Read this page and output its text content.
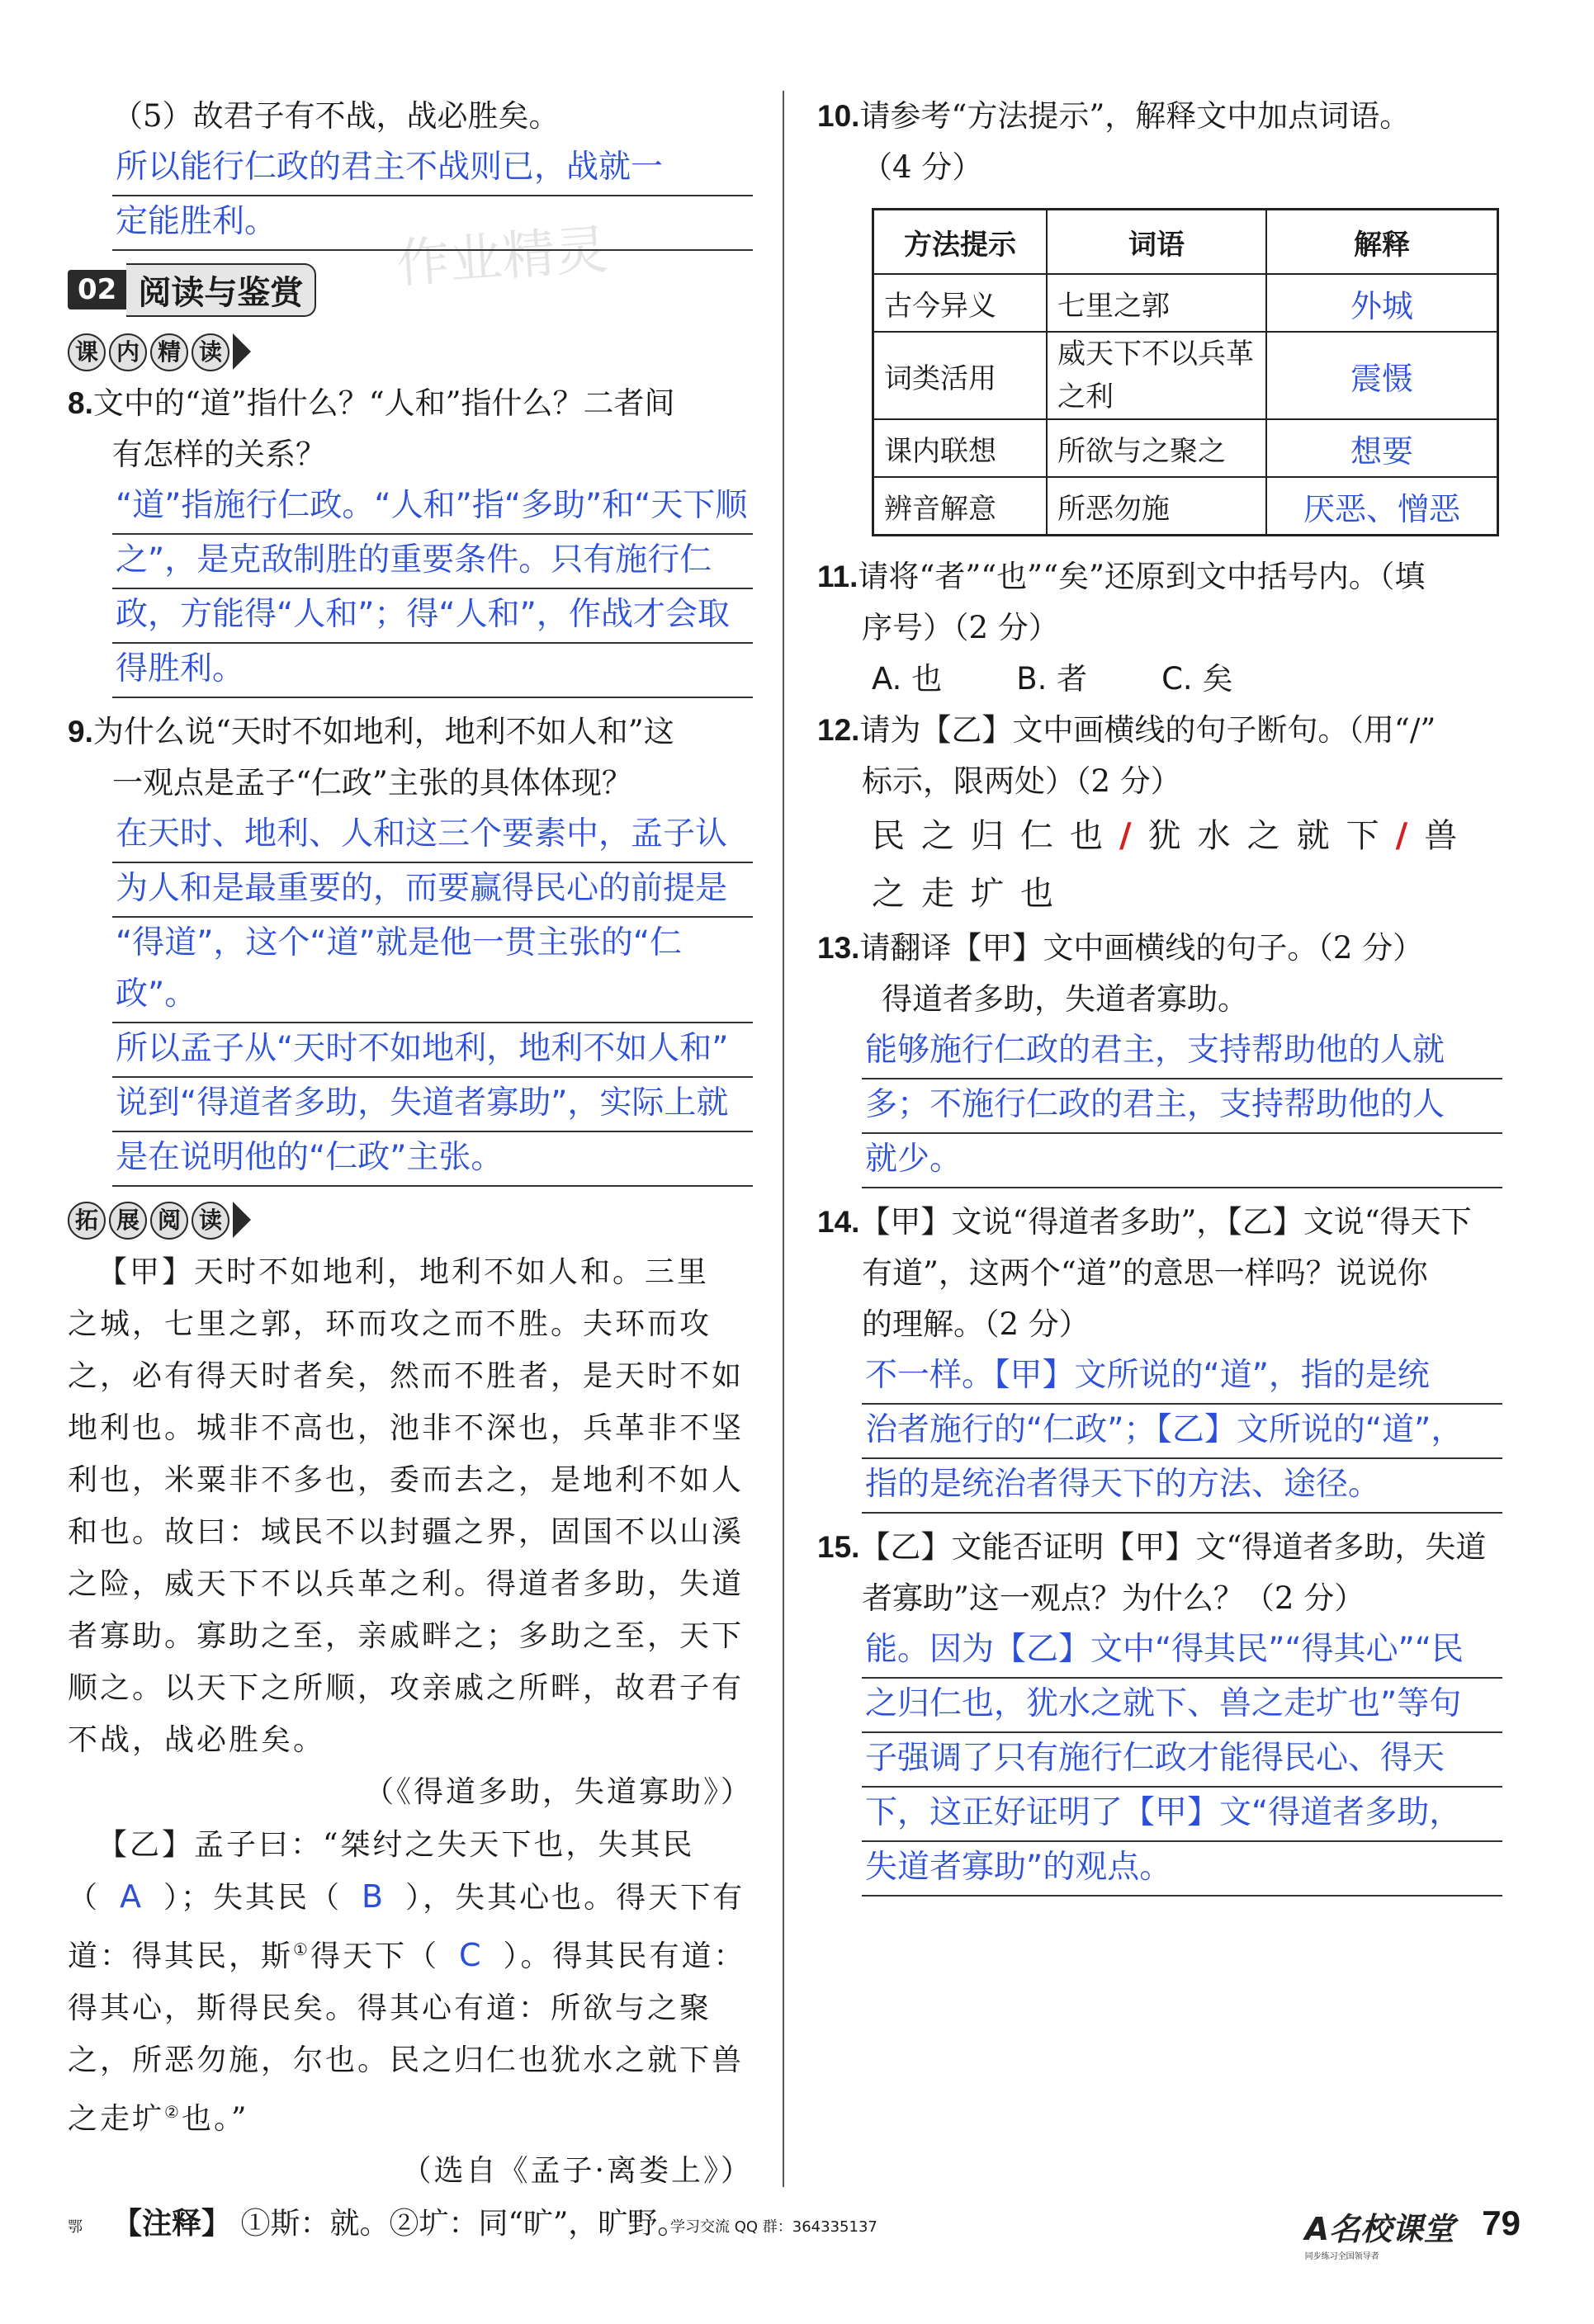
作业精灵
（5）故君子有不战，战必胜矣。
所以能行仁政的君主不战则已，战就一
定能胜利。
02 阅读与鉴赏
课 内 精 读
8.文中的“道”指什么？“人和”指什么？二者间
有怎样的关系？
“道”指施行仁政。“人和”指“多助”和“天下顺
之”，是克敌制胜的重要条件。只有施行仁
政，方能得“人和”；得“人和”，作战才会取
得胜利。
9.为什么说“天时不如地利，地利不如人和”这
一观点是孟子“仁政”主张的具体体现？
在天时、地利、人和这三个要素中，孟子认
为人和是最重要的，而要赢得民心的前提是
“得道”，这个“道”就是他一贯主张的“仁政”。
所以孟子从“天时不如地利，地利不如人和”
说到“得道者多助，失道者寡助”，实际上就
是在说明他的“仁政”主张。
拓 展 阅 读
【甲】天时不如地利，地利不如人和。三里
之城，七里之郭，环而攻之而不胜。夫环而攻
之，必有得天时者矣，然而不胜者，是天时不如
地利也。城非不高也，池非不深也，兵革非不坚
利也，米粟非不多也，委而去之，是地利不如人
和也。故曰：域民不以封疆之界，固国不以山溪
之险，威天下不以兵革之利。得道者多助，失道
者寡助。寡助之至，亲戚畔之；多助之至，天下
顺之。以天下之所顺，攻亲戚之所畔，故君子有
不战，战必胜矣。
（《得道多助，失道寡助》）
【乙】孟子曰：“桀纣之失天下也，失其民
（ A ）；失其民（ B ），失其心也。得天下有
道：得其民，斯①得天下（ C ）。得其民有道：
得其心，斯得民矣。得其心有道：所欲与之聚
之，所恶勿施，尔也。民之归仁也犹水之就下兽
之走圹②也。”
（选自《孟子·离娄上》）
【注释】 ①斯：就。②圹：同“旷”，旷野。
10.请参考“方法提示”，解释文中加点词语。
（4 分）
方法提示	词语	解释
古今异义	七里之郭	外城
词类活用	威天下不以兵革之利	震慑
课内联想	所欲与之聚之	想要
辨音解意	所恶勿施	厌恶、憎恶
11.请将“者”“也”“矣”还原到文中括号内。（填
序号）（2 分）
A. 也 B. 者 C. 矣
12.请为【乙】文中画横线的句子断句。（用“/”
标示，限两处）（2 分）
民之归仁也/犹水之就下/兽之走圹也
13.请翻译【甲】文中画横线的句子。（2 分）
得道者多助，失道者寡助。
能够施行仁政的君主，支持帮助他的人就
多；不施行仁政的君主，支持帮助他的人
就少。
14.【甲】文说“得道者多助”，【乙】文说“得天下
有道”，这两个“道”的意思一样吗？说说你
的理解。（2 分）
不一样。【甲】文所说的“道”，指的是统
治者施行的“仁政”；【乙】文所说的“道”，
指的是统治者得天下的方法、途径。
15.【乙】文能否证明【甲】文“得道者多助，失道
者寡助”这一观点？为什么？（2 分）
能。因为【乙】文中“得其民”“得其心”“民
之归仁也，犹水之就下、兽之走圹也”等句
子强调了只有施行仁政才能得民心、得天
下，这正好证明了【甲】文“得道者多助，
失道者寡助”的观点。
鄂	学习交流 QQ 群：364335137	A名校课堂
同步练习全国领导者
79
